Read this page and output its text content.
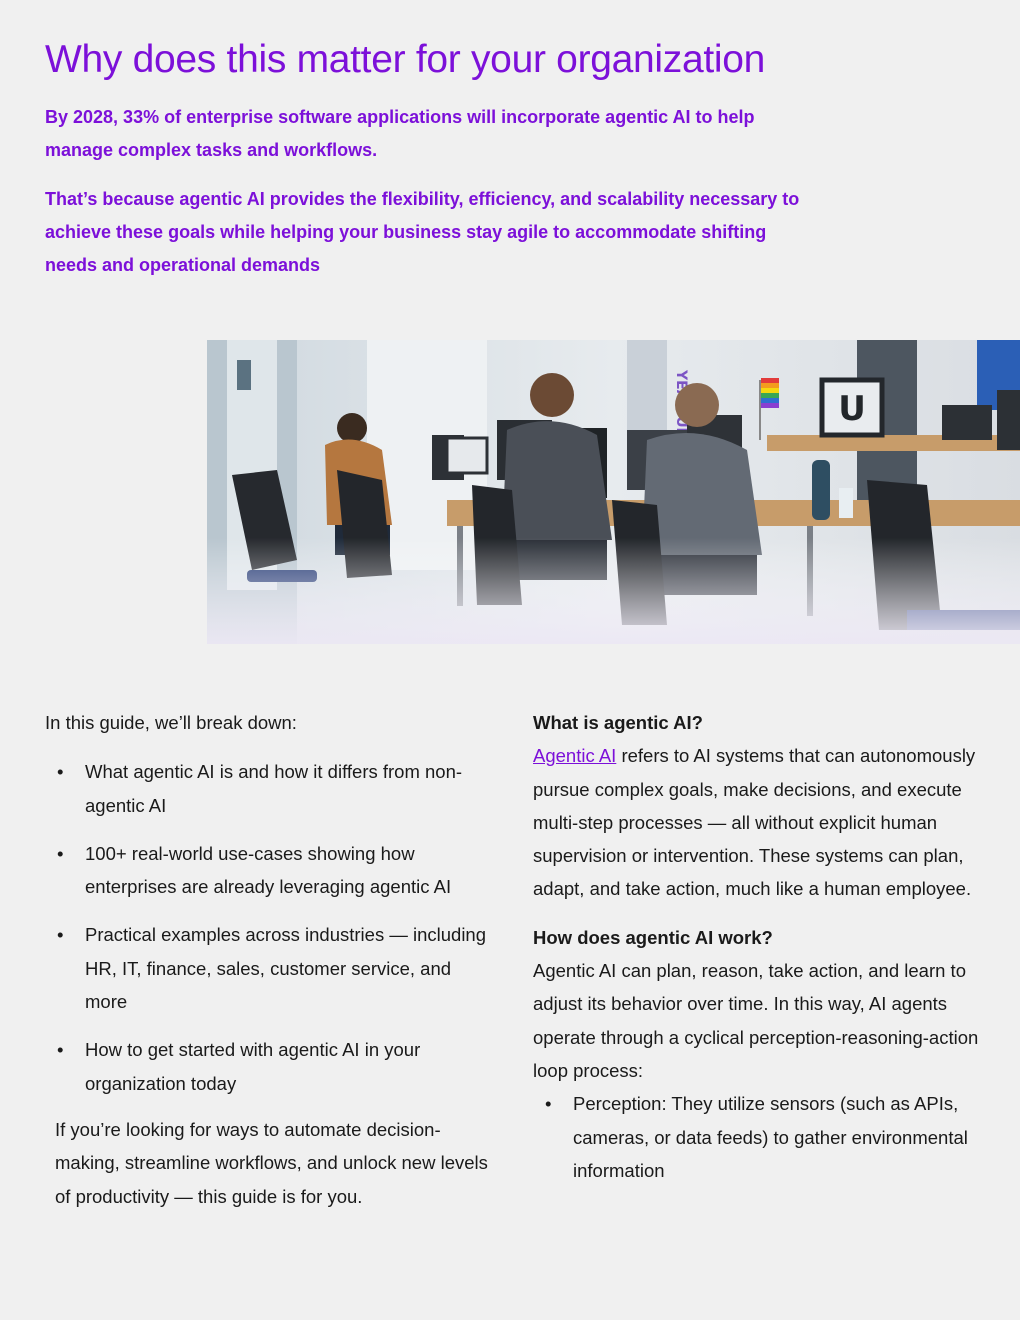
Why does this matter for your organization

By 2028, 33% of enterprise software applications will incorporate agentic AI to help manage complex tasks and workflows.

That’s because agentic AI provides the flexibility, efficiency, and scalability necessary to achieve these goals while helping your business stay agile to accommodate shifting needs and operational demands

In this guide, we’ll break down:

• What agentic AI is and how it differs from non-agentic AI
• 100+ real-world use-cases showing how enterprises are already leveraging agentic AI
• Practical examples across industries — including HR, IT, finance, sales, customer service, and more
• How to get started with agentic AI in your organization today

If you’re looking for ways to automate decision-making, streamline workflows, and unlock new levels of productivity — this guide is for you.

What is agentic AI?

Agentic AI refers to AI systems that can autonomously pursue complex goals, make decisions, and execute multi-step processes — all without explicit human supervision or intervention. These systems can plan, adapt, and take action, much like a human employee.

How does agentic AI work?

Agentic AI can plan, reason, take action, and learn to adjust its behavior over time. In this way, AI agents operate through a cyclical perception-reasoning-action loop process:

• Perception: They utilize sensors (such as APIs, cameras, or data feeds) to gather environmental information
